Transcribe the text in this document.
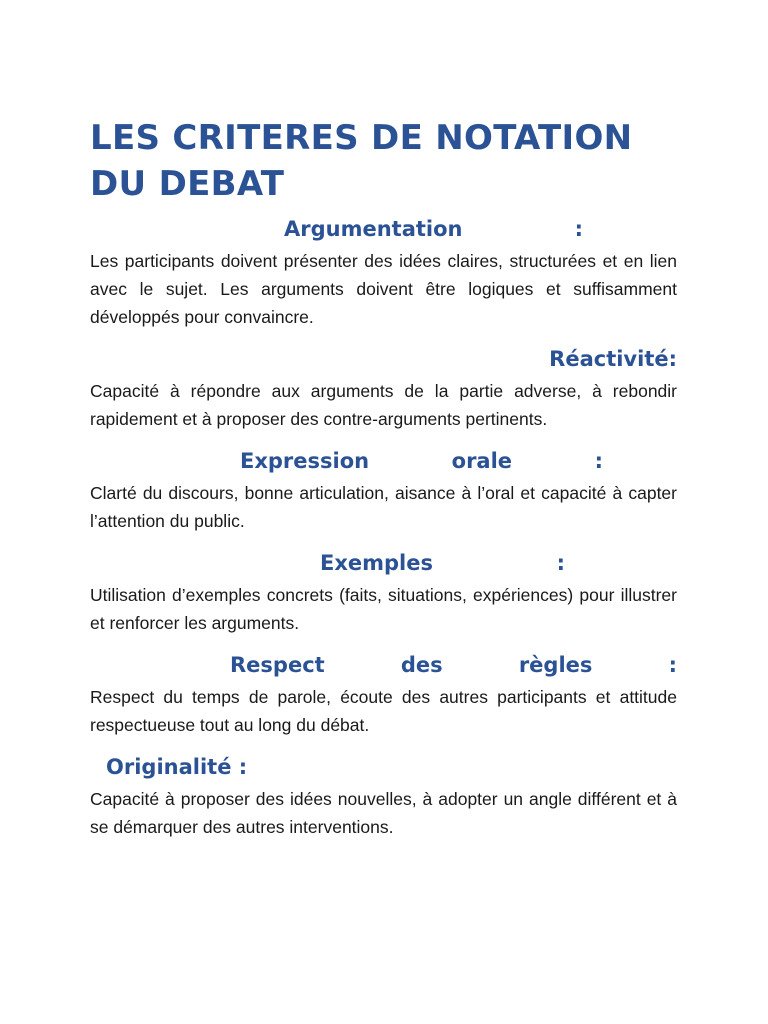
LES CRITERES DE NOTATION DU DEBAT
Argumentation	:

Les participants doivent présenter des idées claires, structurées et en lien avec le sujet. Les arguments doivent être logiques et suffisamment développés pour convaincre.

Réactivité:

Capacité à répondre aux arguments de la partie adverse, à rebondir rapidement et à proposer des contre-arguments pertinents.

Expression	orale	:

Clarté du discours, bonne articulation, aisance à l’oral et capacité à capter l’attention du public.

Exemples	:

Utilisation d’exemples concrets (faits, situations, expériences) pour illustrer et renforcer les arguments.

Respect	des	règles	:

Respect du temps de parole, écoute des autres participants et attitude respectueuse tout au long du débat.

Originalité :

Capacité à proposer des idées nouvelles, à adopter un angle différent et à se démarquer des autres interventions.
